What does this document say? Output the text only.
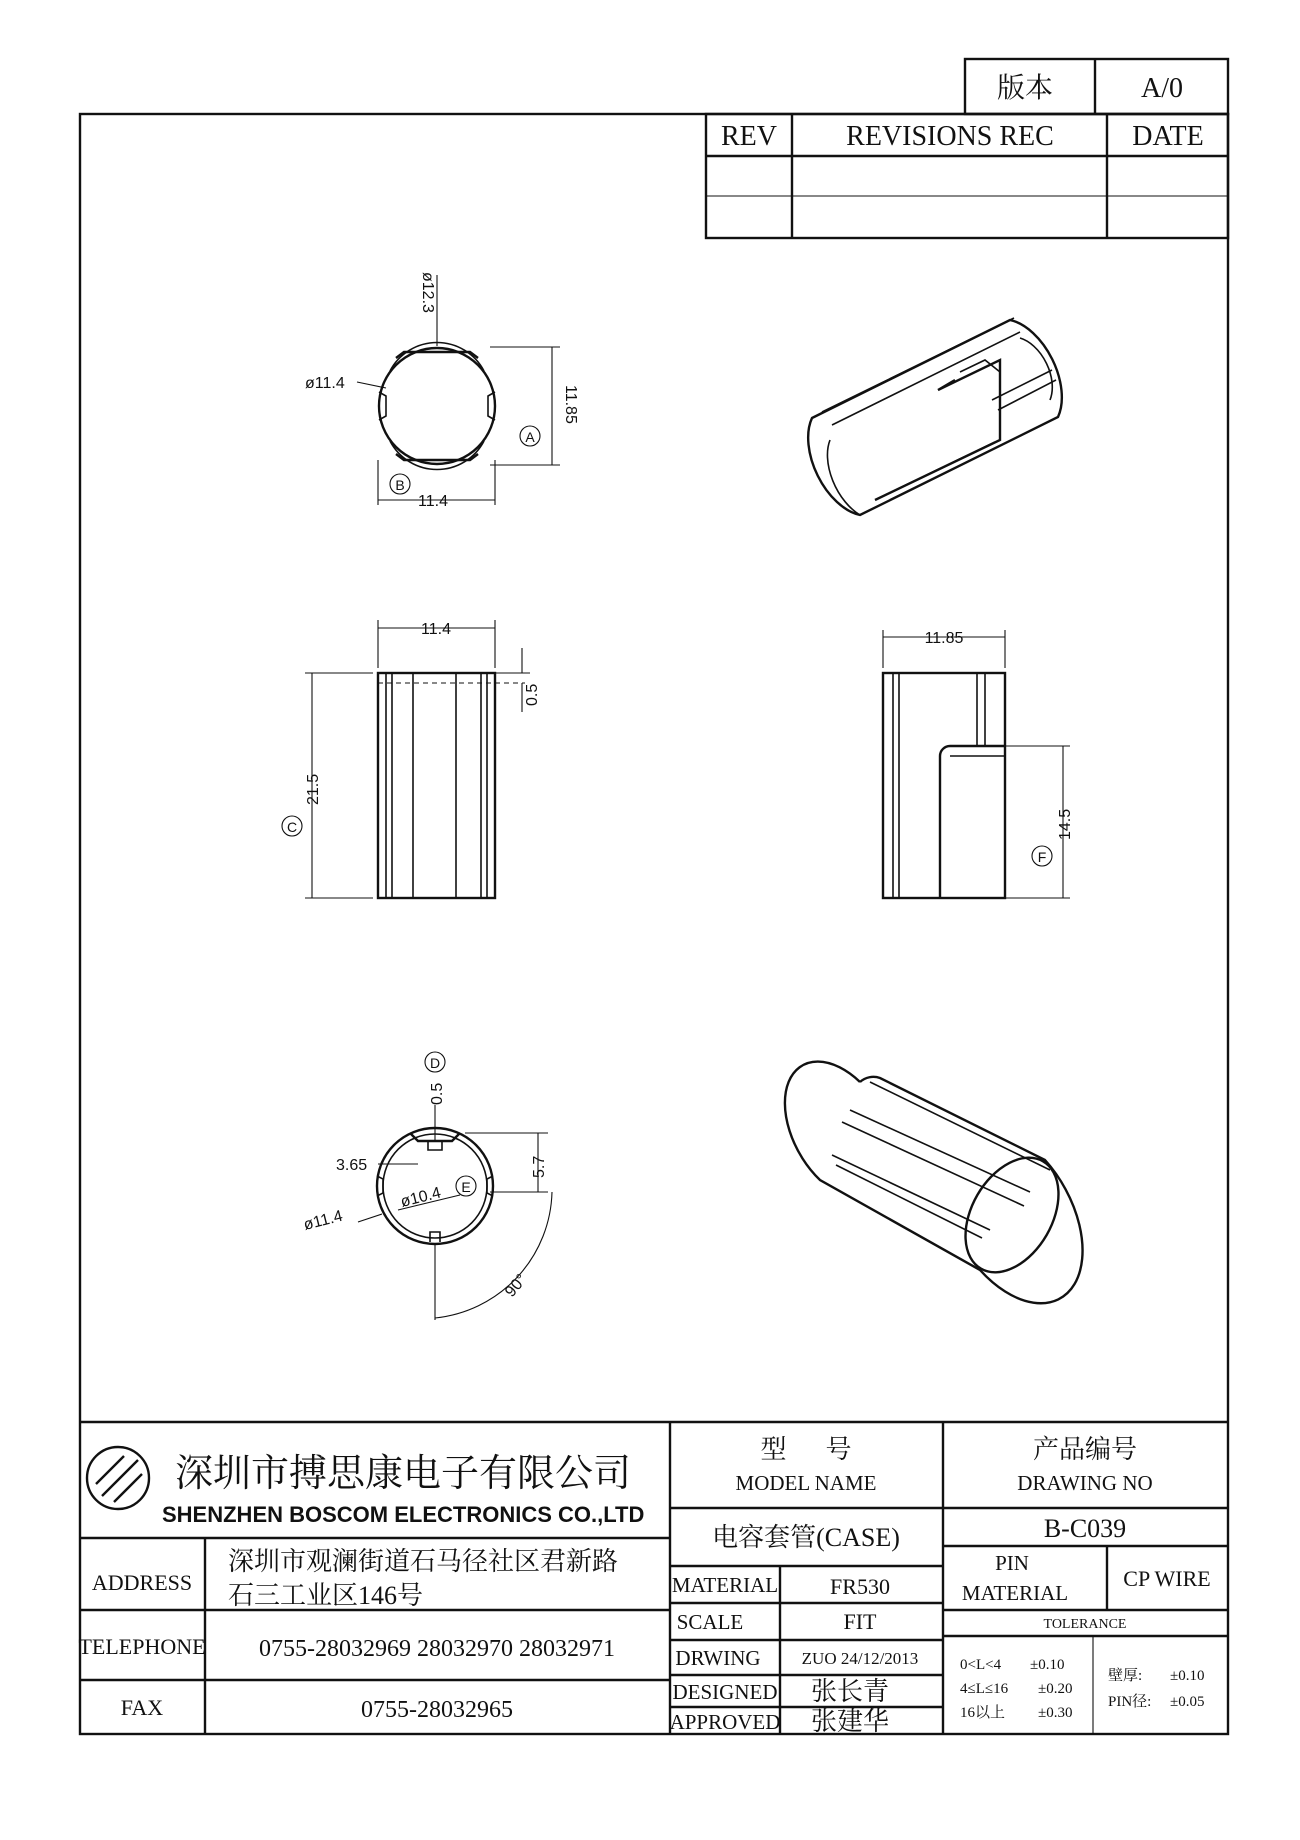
版本	A/0
REV REVISIONS REC	DATE
ø12.3
ø11.4
11.85
A
11.4
B
11.4
0.5
21.5
C
11.85
14.5
F
D
0.5
3.65	5.7
ø10.4 E
ø11.4
90°
深圳市搏思康电子有限公司
SHENZHEN BOSCOM ELECTRONICS CO.,LTD
ADDRESS
深圳市观澜街道石马径社区君新路
石三工业区146号
TELEPHONE 0755-28032969 28032970 28032971
FAX	0755-28032965
型      号
MODEL NAME
电容套管(CASE)
MATERIAL FR530
SCALE	FIT
DRWING ZUO 24/12/2013
DESIGNED 张长青
APPROVED 张建华
产品编号
DRAWING NO
B-C039
PIN
MATERIAL
CP WIRE
TOLERANCE
0<L<4 ±0.10
4≤L≤16 ±0.20
16以上 ±0.30
壁厚: ±0.10
PIN径: ±0.05
